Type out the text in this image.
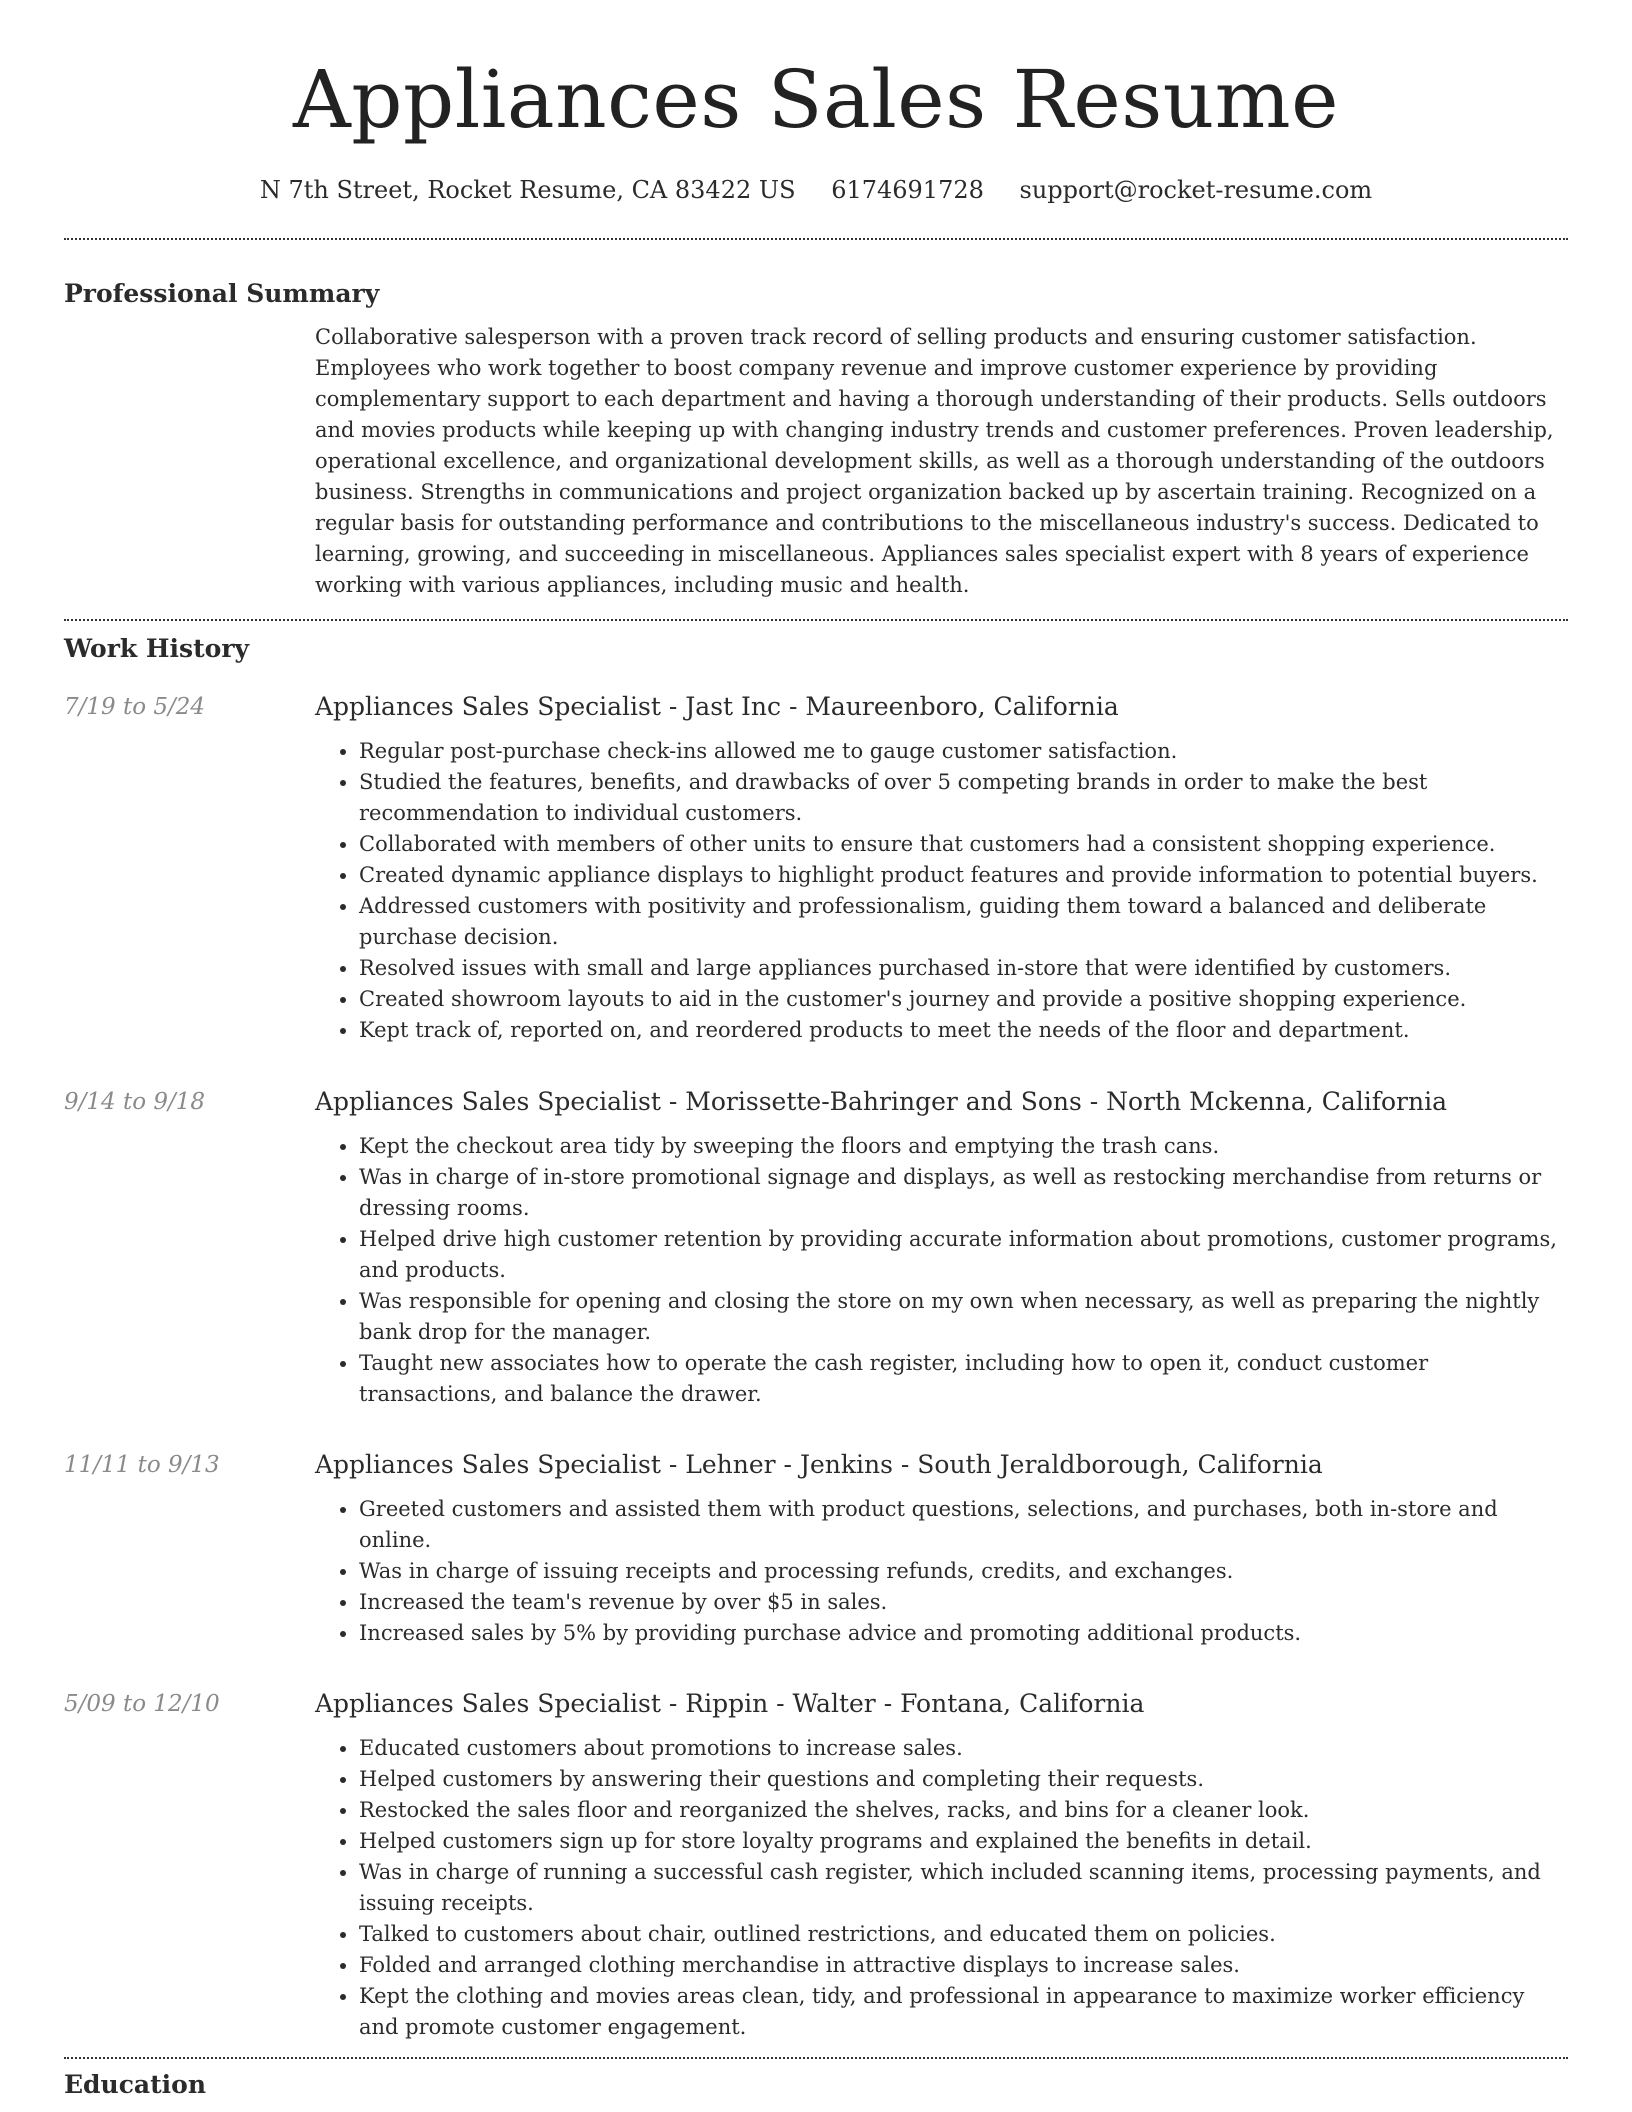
Appliances Sales Resume
N 7th Street, Rocket Resume, CA 83422 US 6174691728 support@rocket-resume.com
Professional Summary
Collaborative salesperson with a proven track record of selling products and ensuring customer satisfaction. Employees who work together to boost company revenue and improve customer experience by providing complementary support to each department and having a thorough understanding of their products. Sells outdoors and movies products while keeping up with changing industry trends and customer preferences. Proven leadership, operational excellence, and organizational development skills, as well as a thorough understanding of the outdoors business. Strengths in communications and project organization backed up by ascertain training. Recognized on a regular basis for outstanding performance and contributions to the miscellaneous industry's success. Dedicated to learning, growing, and succeeding in miscellaneous. Appliances sales specialist expert with 8 years of experience working with various appliances, including music and health.
Work History
7/19 to 5/24	Appliances Sales Specialist - Jast Inc - Maureenboro, California
• Regular post-purchase check-ins allowed me to gauge customer satisfaction.
• Studied the features, benefits, and drawbacks of over 5 competing brands in order to make the best recommendation to individual customers.
• Collaborated with members of other units to ensure that customers had a consistent shopping experience.
• Created dynamic appliance displays to highlight product features and provide information to potential buyers.
• Addressed customers with positivity and professionalism, guiding them toward a balanced and deliberate purchase decision.
• Resolved issues with small and large appliances purchased in-store that were identified by customers.
• Created showroom layouts to aid in the customer's journey and provide a positive shopping experience.
• Kept track of, reported on, and reordered products to meet the needs of the floor and department.
9/14 to 9/18	Appliances Sales Specialist - Morissette-Bahringer and Sons - North Mckenna, California
• Kept the checkout area tidy by sweeping the floors and emptying the trash cans.
• Was in charge of in-store promotional signage and displays, as well as restocking merchandise from returns or dressing rooms.
• Helped drive high customer retention by providing accurate information about promotions, customer programs, and products.
• Was responsible for opening and closing the store on my own when necessary, as well as preparing the nightly bank drop for the manager.
• Taught new associates how to operate the cash register, including how to open it, conduct customer transactions, and balance the drawer.
11/11 to 9/13	Appliances Sales Specialist - Lehner - Jenkins - South Jeraldborough, California
• Greeted customers and assisted them with product questions, selections, and purchases, both in-store and online.
• Was in charge of issuing receipts and processing refunds, credits, and exchanges.
• Increased the team's revenue by over $5 in sales.
• Increased sales by 5% by providing purchase advice and promoting additional products.
5/09 to 12/10	Appliances Sales Specialist - Rippin - Walter - Fontana, California
• Educated customers about promotions to increase sales.
• Helped customers by answering their questions and completing their requests.
• Restocked the sales floor and reorganized the shelves, racks, and bins for a cleaner look.
• Helped customers sign up for store loyalty programs and explained the benefits in detail.
• Was in charge of running a successful cash register, which included scanning items, processing payments, and issuing receipts.
• Talked to customers about chair, outlined restrictions, and educated them on policies.
• Folded and arranged clothing merchandise in attractive displays to increase sales.
• Kept the clothing and movies areas clean, tidy, and professional in appearance to maximize worker efficiency and promote customer engagement.
Education
